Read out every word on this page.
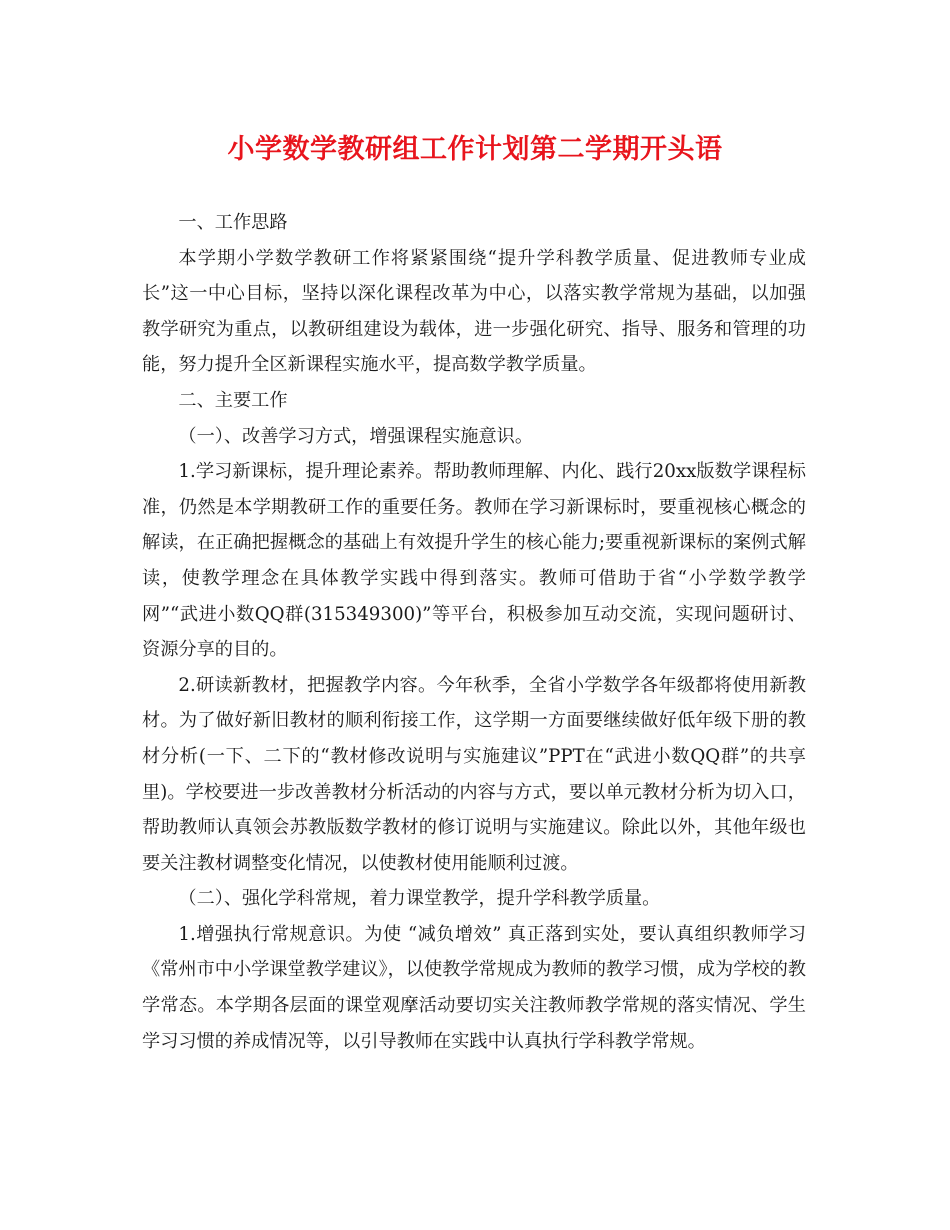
小学数学教研组工作计划第二学期开头语

一、工作思路

本学期小学数学教研工作将紧紧围绕“提升学科教学质量、促进教师专业成长”这一中心目标，坚持以深化课程改革为中心，以落实教学常规为基础，以加强教学研究为重点，以教研组建设为载体，进一步强化研究、指导、服务和管理的功能，努力提升全区新课程实施水平，提高数学教学质量。

二、主要工作

（一）、改善学习方式，增强课程实施意识。

1.学习新课标，提升理论素养。帮助教师理解、内化、践行20xx版数学课程标准，仍然是本学期教研工作的重要任务。教师在学习新课标时，要重视核心概念的解读，在正确把握概念的基础上有效提升学生的核心能力;要重视新课标的案例式解读，使教学理念在具体教学实践中得到落实。教师可借助于省“小学数学教学网”“武进小数QQ群(315349300)”等平台，积极参加互动交流，实现问题研讨、资源分享的目的。

2.研读新教材，把握教学内容。今年秋季，全省小学数学各年级都将使用新教材。为了做好新旧教材的顺利衔接工作，这学期一方面要继续做好低年级下册的教材分析(一下、二下的“教材修改说明与实施建议”PPT在“武进小数QQ群”的共享里)。学校要进一步改善教材分析活动的内容与方式，要以单元教材分析为切入口，帮助教师认真领会苏教版数学教材的修订说明与实施建议。除此以外，其他年级也要关注教材调整变化情况，以使教材使用能顺利过渡。

（二）、强化学科常规，着力课堂教学，提升学科教学质量。

1.增强执行常规意识。为使 “减负增效” 真正落到实处，要认真组织教师学习《常州市中小学课堂教学建议》，以使教学常规成为教师的教学习惯，成为学校的教学常态。本学期各层面的课堂观摩活动要切实关注教师教学常规的落实情况、学生学习习惯的养成情况等，以引导教师在实践中认真执行学科教学常规。
